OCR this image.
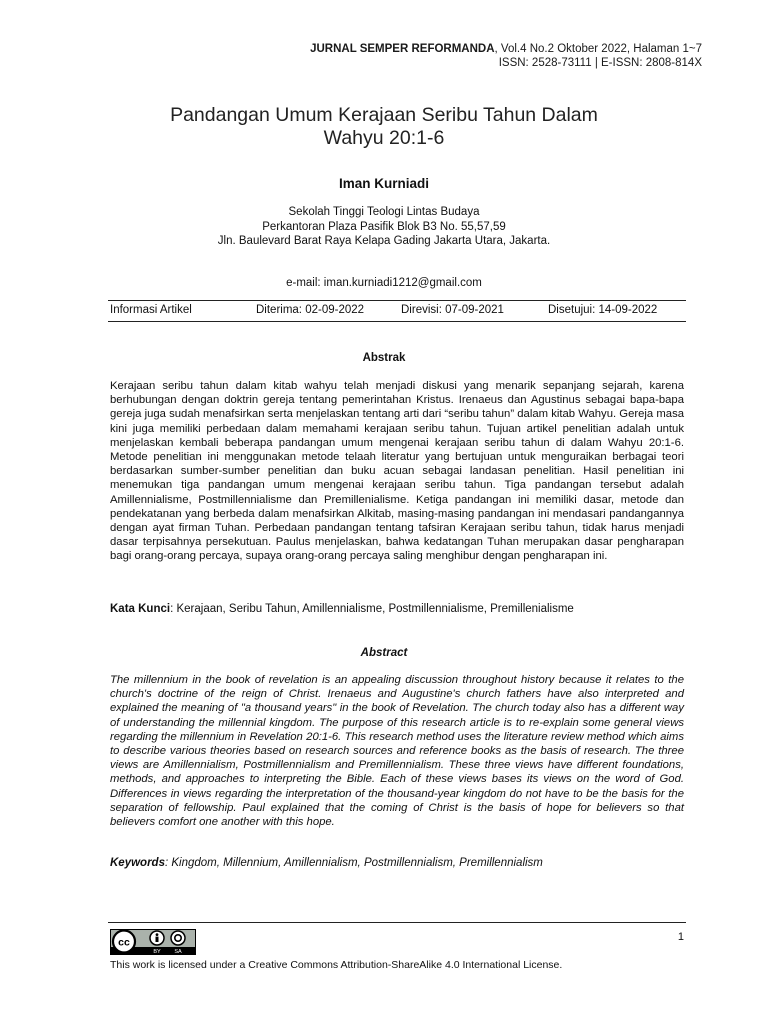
JURNAL SEMPER REFORMANDA, Vol.4 No.2 Oktober 2022, Halaman 1~7
ISSN: 2528-73111 | E-ISSN: 2808-814X
Pandangan Umum Kerajaan Seribu Tahun Dalam
Wahyu 20:1-6
Iman Kurniadi
Sekolah Tinggi Teologi Lintas Budaya
Perkantoran Plaza Pasifik Blok B3 No. 55,57,59
Jln. Baulevard Barat Raya Kelapa Gading Jakarta Utara, Jakarta.
e-mail: iman.kurniadi1212@gmail.com
Informasi Artikel	Diterima: 02-09-2022	Direvisi: 07-09-2021	Disetujui: 14-09-2022
Abstrak
Kerajaan seribu tahun dalam kitab wahyu telah menjadi diskusi yang menarik sepanjang sejarah, karena berhubungan dengan doktrin gereja tentang pemerintahan Kristus. Irenaeus dan Agustinus sebagai bapa-bapa gereja juga sudah menafsirkan serta menjelaskan tentang arti dari “seribu tahun” dalam kitab Wahyu. Gereja masa kini juga memiliki perbedaan dalam memahami kerajaan seribu tahun. Tujuan artikel penelitian adalah untuk menjelaskan kembali beberapa pandangan umum mengenai kerajaan seribu tahun di dalam Wahyu 20:1-6. Metode penelitian ini menggunakan metode telaah literatur yang bertujuan untuk menguraikan berbagai teori berdasarkan sumber-sumber penelitian dan buku acuan sebagai landasan penelitian. Hasil penelitian ini menemukan tiga pandangan umum mengenai kerajaan seribu tahun. Tiga pandangan tersebut adalah Amillennialisme, Postmillennialisme dan Premillenialisme. Ketiga pandangan ini memiliki dasar, metode dan pendekatanan yang berbeda dalam menafsirkan Alkitab, masing-masing pandangan ini mendasari pandangannya dengan ayat firman Tuhan. Perbedaan pandangan tentang tafsiran Kerajaan seribu tahun, tidak harus menjadi dasar terpisahnya persekutuan. Paulus menjelaskan, bahwa kedatangan Tuhan merupakan dasar pengharapan bagi orang-orang percaya, supaya orang-orang percaya saling menghibur dengan pengharapan ini.
Kata Kunci: Kerajaan, Seribu Tahun, Amillennialisme, Postmillennialisme, Premillenialisme
Abstract
The millennium in the book of revelation is an appealing discussion throughout history because it relates to the church's doctrine of the reign of Christ. Irenaeus and Augustine's church fathers have also interpreted and explained the meaning of "a thousand years" in the book of Revelation. The church today also has a different way of understanding the millennial kingdom. The purpose of this research article is to re-explain some general views regarding the millennium in Revelation 20:1-6. This research method uses the literature review method which aims to describe various theories based on research sources and reference books as the basis of research. The three views are Amillennialism, Postmillennialism and Premillennialism. These three views have different foundations, methods, and approaches to interpreting the Bible. Each of these views bases its views on the word of God. Differences in views regarding the interpretation of the thousand-year kingdom do not have to be the basis for the separation of fellowship. Paul explained that the coming of Christ is the basis of hope for believers so that believers comfort one another with this hope.
Keywords: Kingdom, Millennium, Amillennialism, Postmillennialism, Premillennialism
1
cc
BY SA
This work is licensed under a Creative Commons Attribution-ShareAlike 4.0 International License.
